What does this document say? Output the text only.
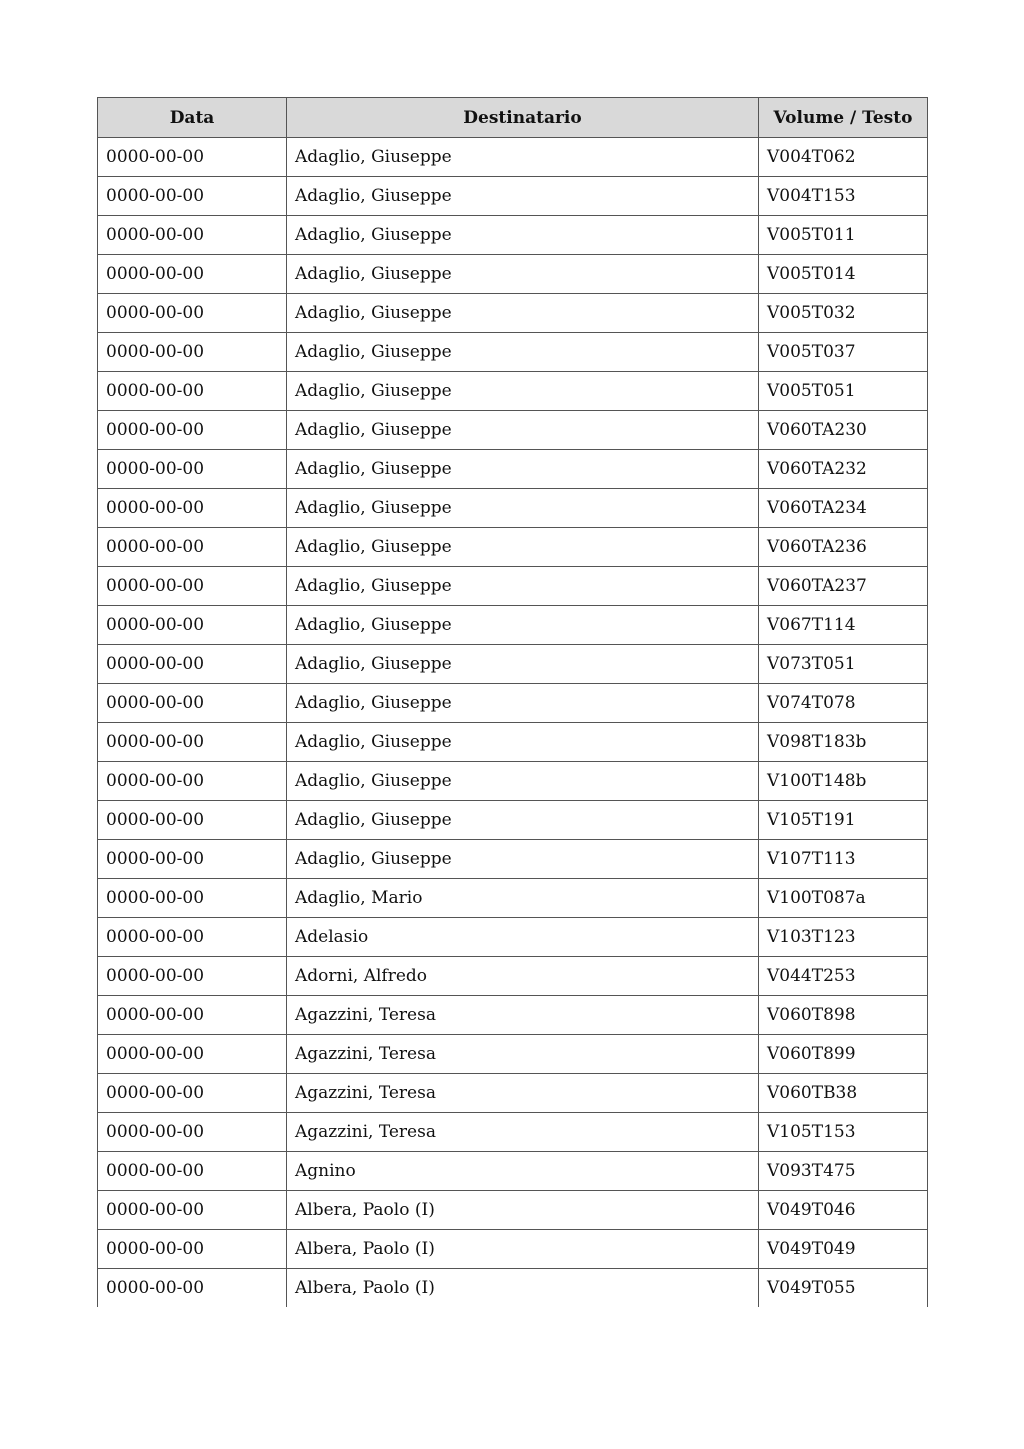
Data	Destinatario	Volume / Testo
0000-00-00	Adaglio, Giuseppe	V004T062
0000-00-00	Adaglio, Giuseppe	V004T153
0000-00-00	Adaglio, Giuseppe	V005T011
0000-00-00	Adaglio, Giuseppe	V005T014
0000-00-00	Adaglio, Giuseppe	V005T032
0000-00-00	Adaglio, Giuseppe	V005T037
0000-00-00	Adaglio, Giuseppe	V005T051
0000-00-00	Adaglio, Giuseppe	V060TA230
0000-00-00	Adaglio, Giuseppe	V060TA232
0000-00-00	Adaglio, Giuseppe	V060TA234
0000-00-00	Adaglio, Giuseppe	V060TA236
0000-00-00	Adaglio, Giuseppe	V060TA237
0000-00-00	Adaglio, Giuseppe	V067T114
0000-00-00	Adaglio, Giuseppe	V073T051
0000-00-00	Adaglio, Giuseppe	V074T078
0000-00-00	Adaglio, Giuseppe	V098T183b
0000-00-00	Adaglio, Giuseppe	V100T148b
0000-00-00	Adaglio, Giuseppe	V105T191
0000-00-00	Adaglio, Giuseppe	V107T113
0000-00-00	Adaglio, Mario	V100T087a
0000-00-00	Adelasio	V103T123
0000-00-00	Adorni, Alfredo	V044T253
0000-00-00	Agazzini, Teresa	V060T898
0000-00-00	Agazzini, Teresa	V060T899
0000-00-00	Agazzini, Teresa	V060TB38
0000-00-00	Agazzini, Teresa	V105T153
0000-00-00	Agnino	V093T475
0000-00-00	Albera, Paolo (I)	V049T046
0000-00-00	Albera, Paolo (I)	V049T049
0000-00-00	Albera, Paolo (I)	V049T055
